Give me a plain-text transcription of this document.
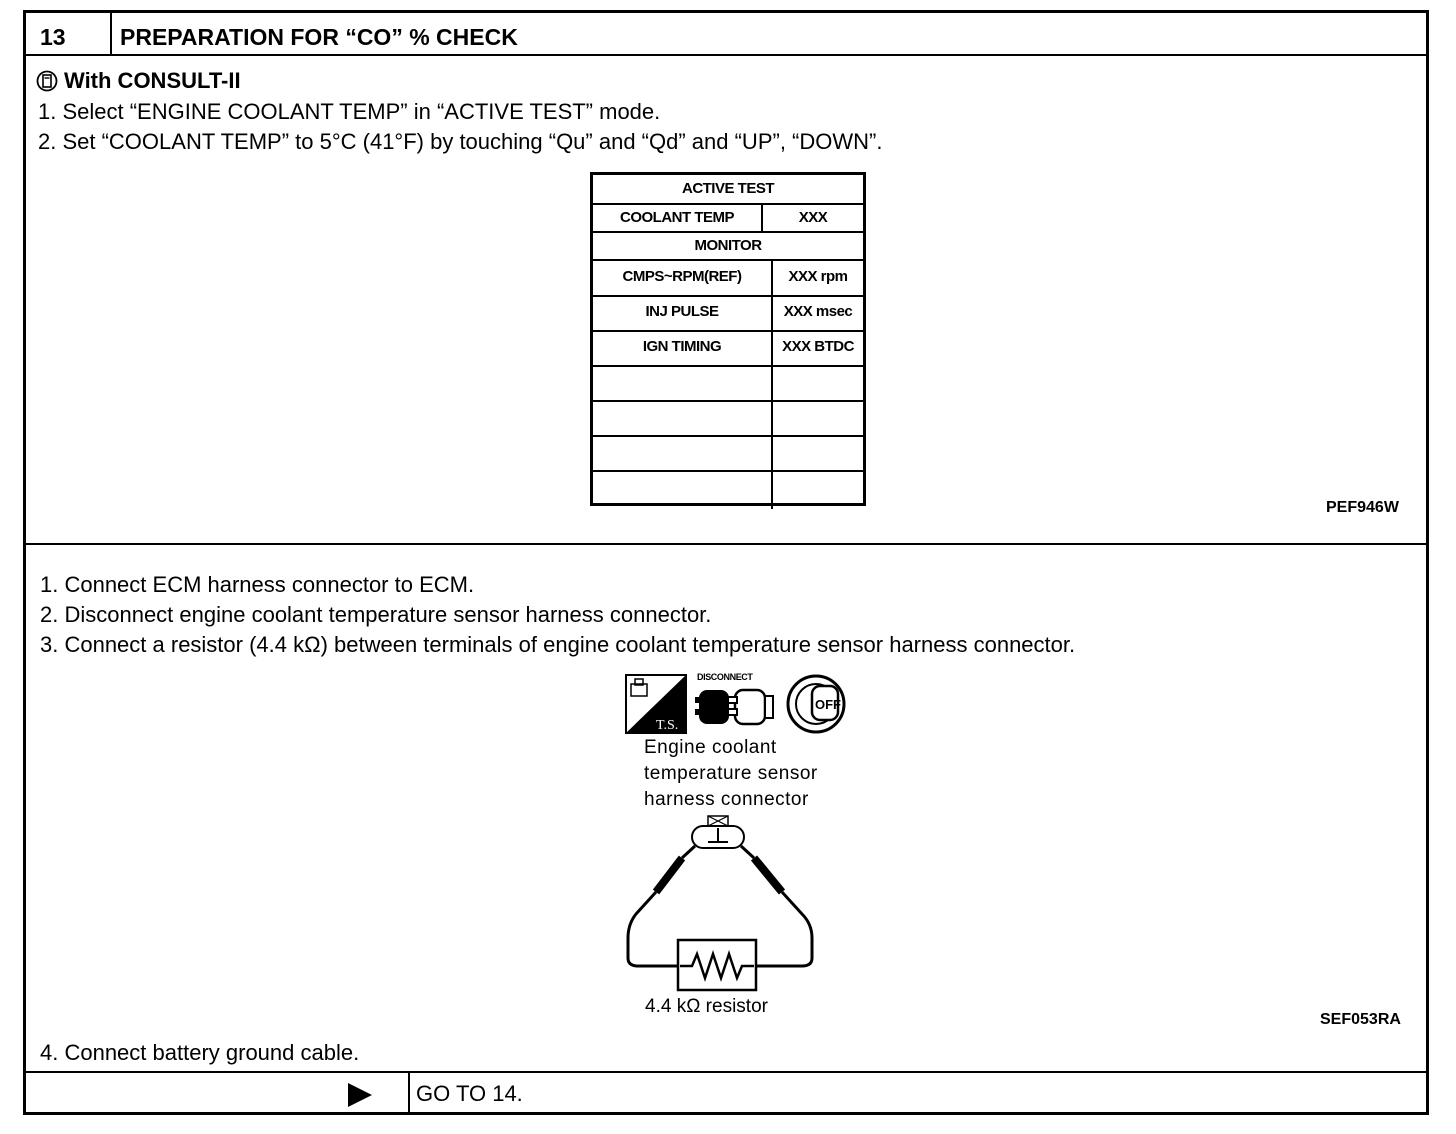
13 PREPARATION FOR “CO” % CHECK
With CONSULT-II
1. Select “ENGINE COOLANT TEMP” in “ACTIVE TEST” mode.
2. Set “COOLANT TEMP” to 5°C (41°F) by touching “Qu” and “Qd” and “UP”, “DOWN”.
PEF946W
1. Connect ECM harness connector to ECM.
2. Disconnect engine coolant temperature sensor harness connector.
3. Connect a resistor (4.4 kΩ) between terminals of engine coolant temperature sensor harness connector.
SEF053RA
4. Connect battery ground cable.
GO TO 14.
ACTIVE TEST
COOLANT TEMP	XXX
MONITOR
CMPS~RPM(REF)	XXX rpm
INJ PULSE	XXX msec
IGN TIMING	XXX BTDC
T.S.
DISCONNECT
OFF
Engine coolant
temperature sensor
harness connector
4.4 kΩ resistor
